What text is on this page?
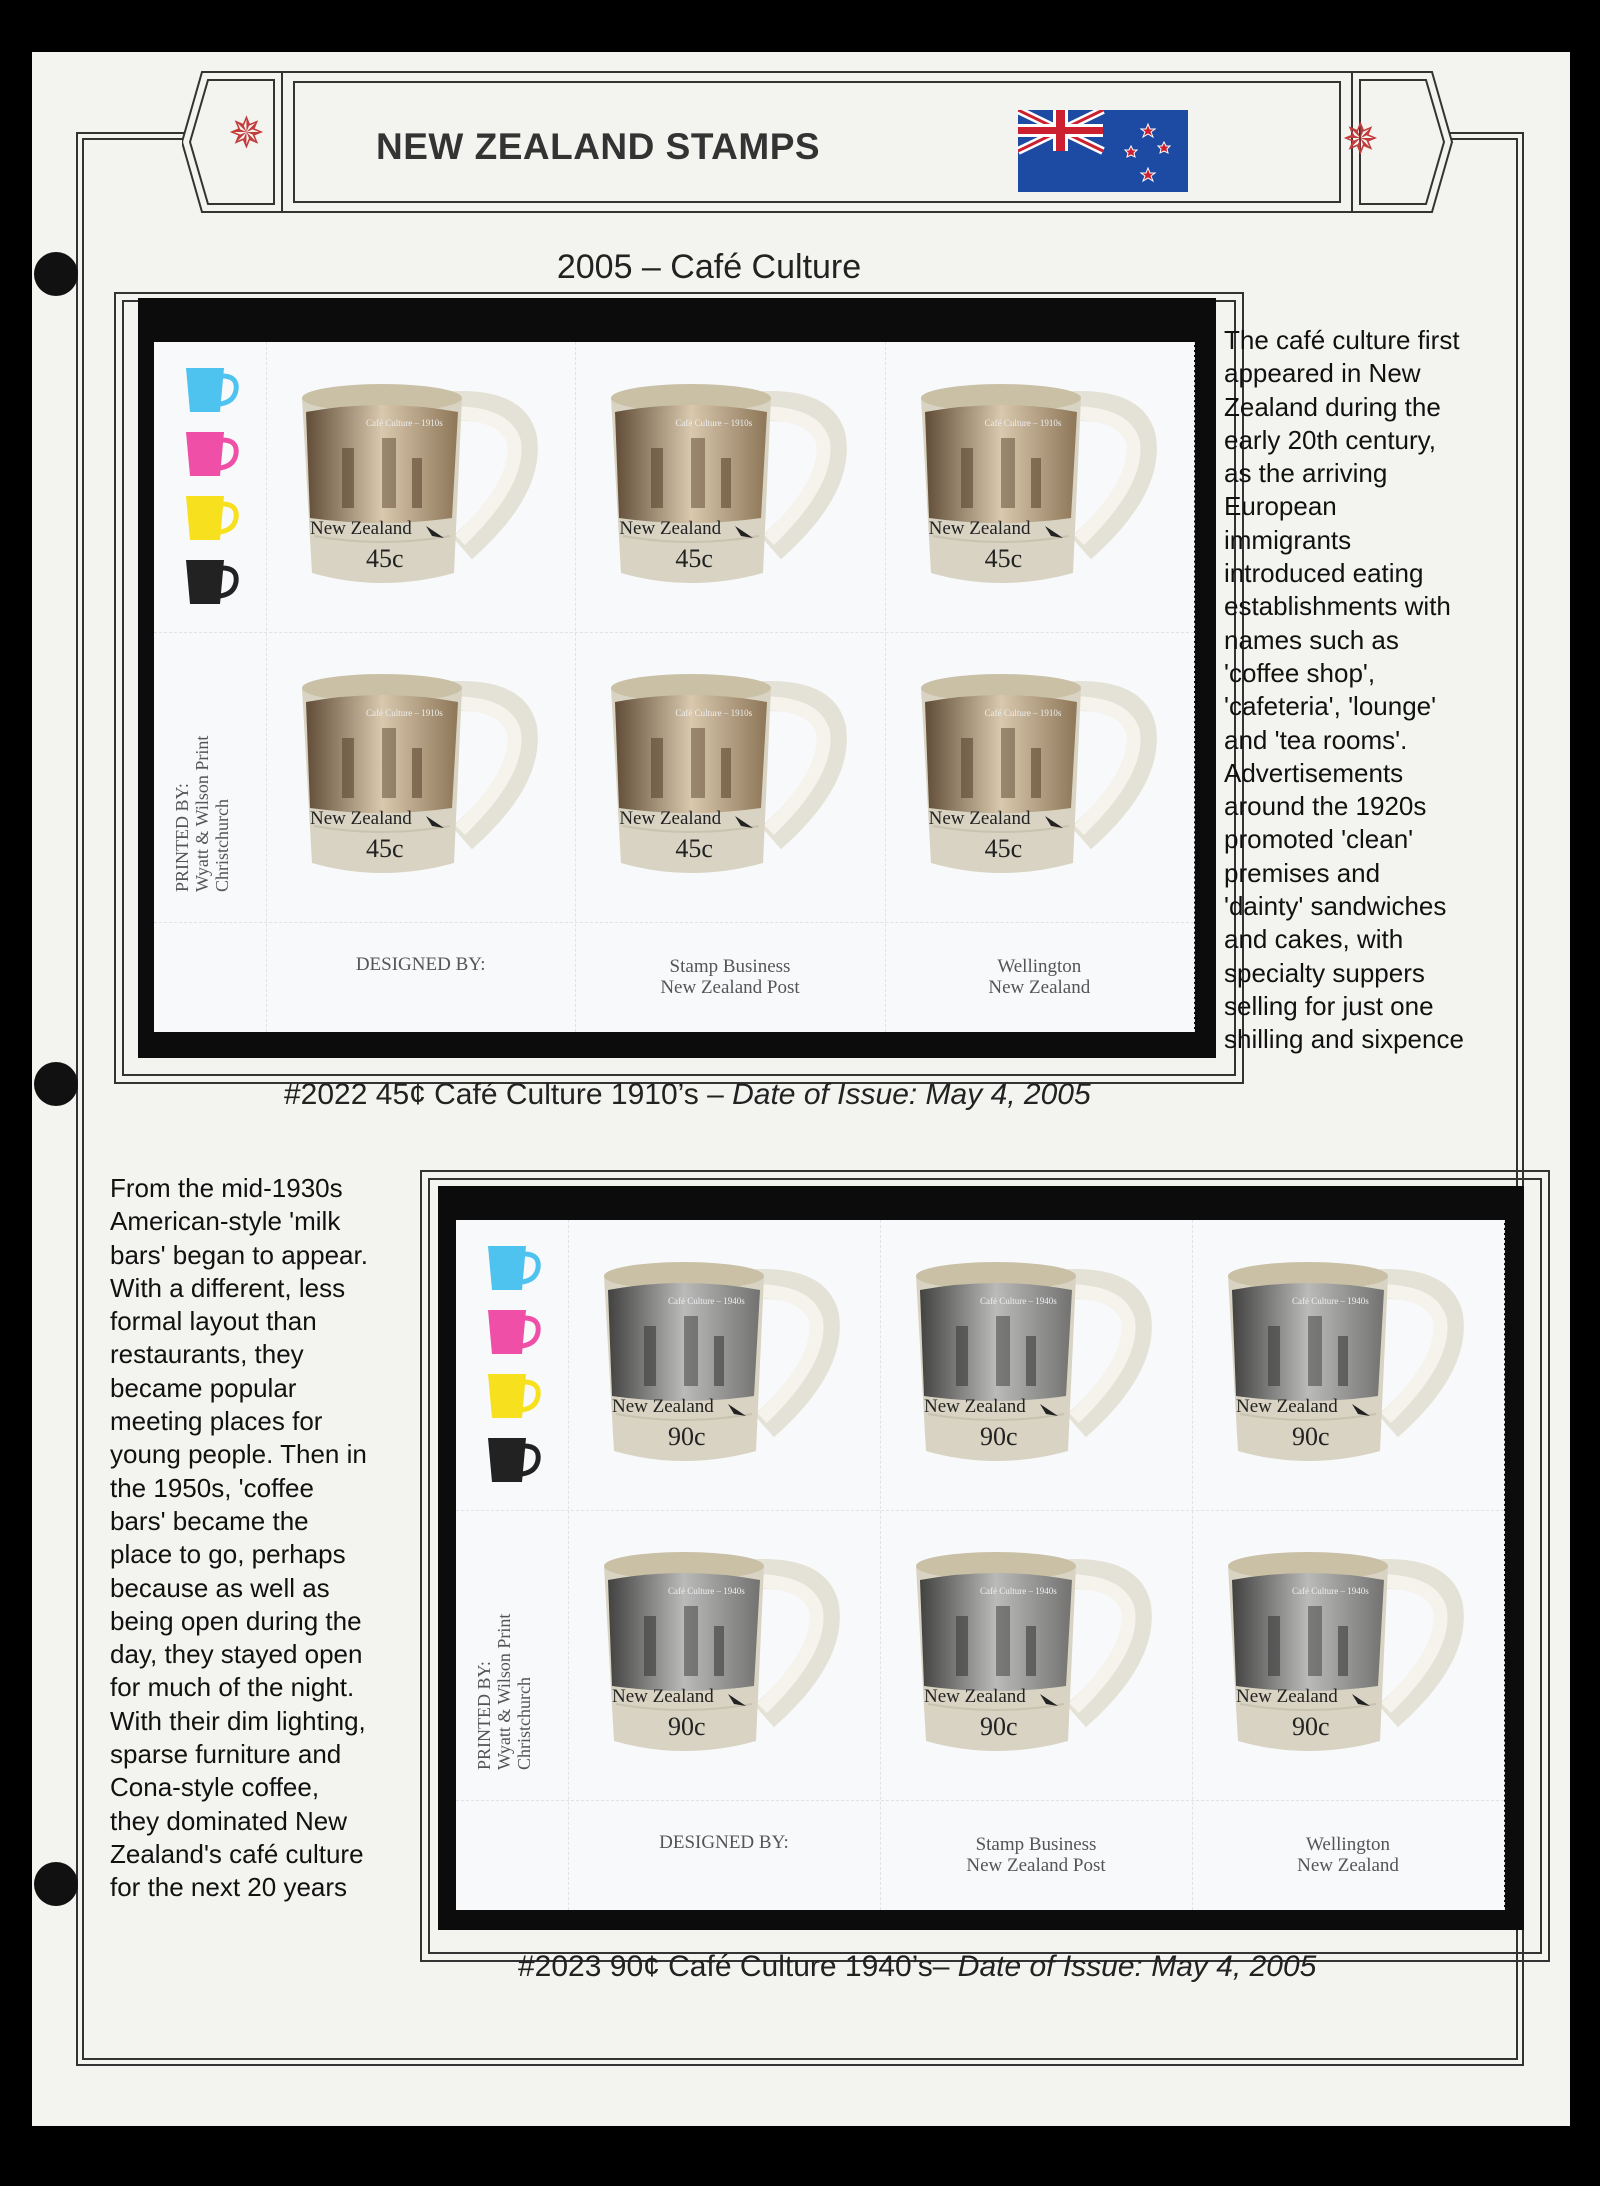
✵	✵
NEW ZEALAND STAMPS
2005 – Café Culture
PRINTED BY: Wyatt & Wilson Print Christchurch
DESIGNED BY:	Stamp Business
New Zealand Post
Wellington
New Zealand
Café Culture – 1910s
New Zealand
45c
Café Culture – 1910s
New Zealand
45c
Café Culture – 1910s
New Zealand
45c
Café Culture – 1910s
New Zealand
45c
Café Culture – 1910s
New Zealand
45c
Café Culture – 1910s
New Zealand
45c
#2022 45¢ Café Culture 1910’s – Date of Issue: May 4, 2005
The café culture first
appeared in New
Zealand during the
early 20th century,
as the arriving
European
immigrants
introduced eating
establishments with
names such as
'coffee shop',
'cafeteria', 'lounge'
and 'tea rooms'.
Advertisements
around the 1920s
promoted 'clean'
premises and
'dainty' sandwiches
and cakes, with
specialty suppers
selling for just one
shilling and sixpence
PRINTED BY: Wyatt & Wilson Print Christchurch
DESIGNED BY:	Stamp Business
New Zealand Post
Wellington
New Zealand
Café Culture – 1940s
New Zealand
90c
Café Culture – 1940s
New Zealand
90c
Café Culture – 1940s
New Zealand
90c
Café Culture – 1940s
New Zealand
90c
Café Culture – 1940s
New Zealand
90c
Café Culture – 1940s
New Zealand
90c
#2023 90¢ Café Culture 1940’s– Date of Issue: May 4, 2005
From the mid-1930s
American-style 'milk
bars' began to appear.
With a different, less
formal layout than
restaurants, they
became popular
meeting places for
young people. Then in
the 1950s, 'coffee
bars' became the
place to go, perhaps
because as well as
being open during the
day, they stayed open
for much of the night.
With their dim lighting,
sparse furniture and
Cona-style coffee,
they dominated New
Zealand's café culture
for the next 20 years
